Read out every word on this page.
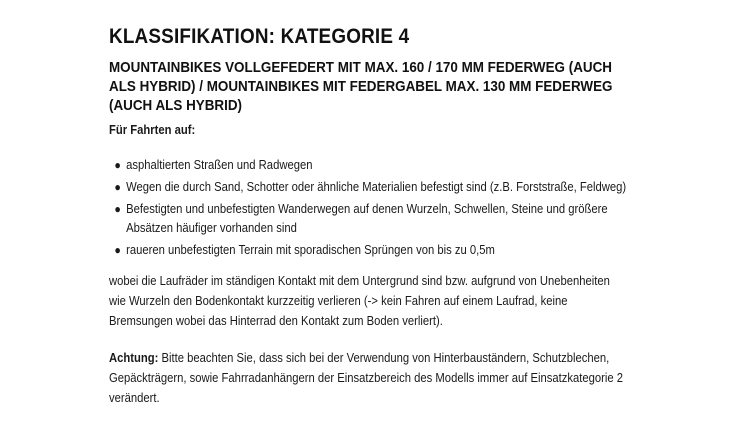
KLASSIFIKATION: KATEGORIE 4
MOUNTAINBIKES VOLLGEFEDERT MIT MAX. 160 / 170 MM FEDERWEG (AUCH ALS HYBRID) / MOUNTAINBIKES MIT FEDERGABEL MAX. 130 MM FEDERWEG (AUCH ALS HYBRID)

Für Fahrten auf:

● asphaltierten Straßen und Radwegen
● Wegen die durch Sand, Schotter oder ähnliche Materialien befestigt sind (z.B. Forststraße, Feldweg)
● Befestigten und unbefestigten Wanderwegen auf denen Wurzeln, Schwellen, Steine und größere Absätzen häufiger vorhanden sind
● raueren unbefestigten Terrain mit sporadischen Sprüngen von bis zu 0,5m

wobei die Laufräder im ständigen Kontakt mit dem Untergrund sind bzw. aufgrund von Unebenheiten wie Wurzeln den Bodenkontakt kurzzeitig verlieren (-> kein Fahren auf einem Laufrad, keine Bremsungen wobei das Hinterrad den Kontakt zum Boden verliert).

Achtung: Bitte beachten Sie, dass sich bei der Verwendung von Hinterbauständern, Schutzblechen, Gepäckträgern, sowie Fahrradanhängern der Einsatzbereich des Modells immer auf Einsatzkategorie 2 verändert.
